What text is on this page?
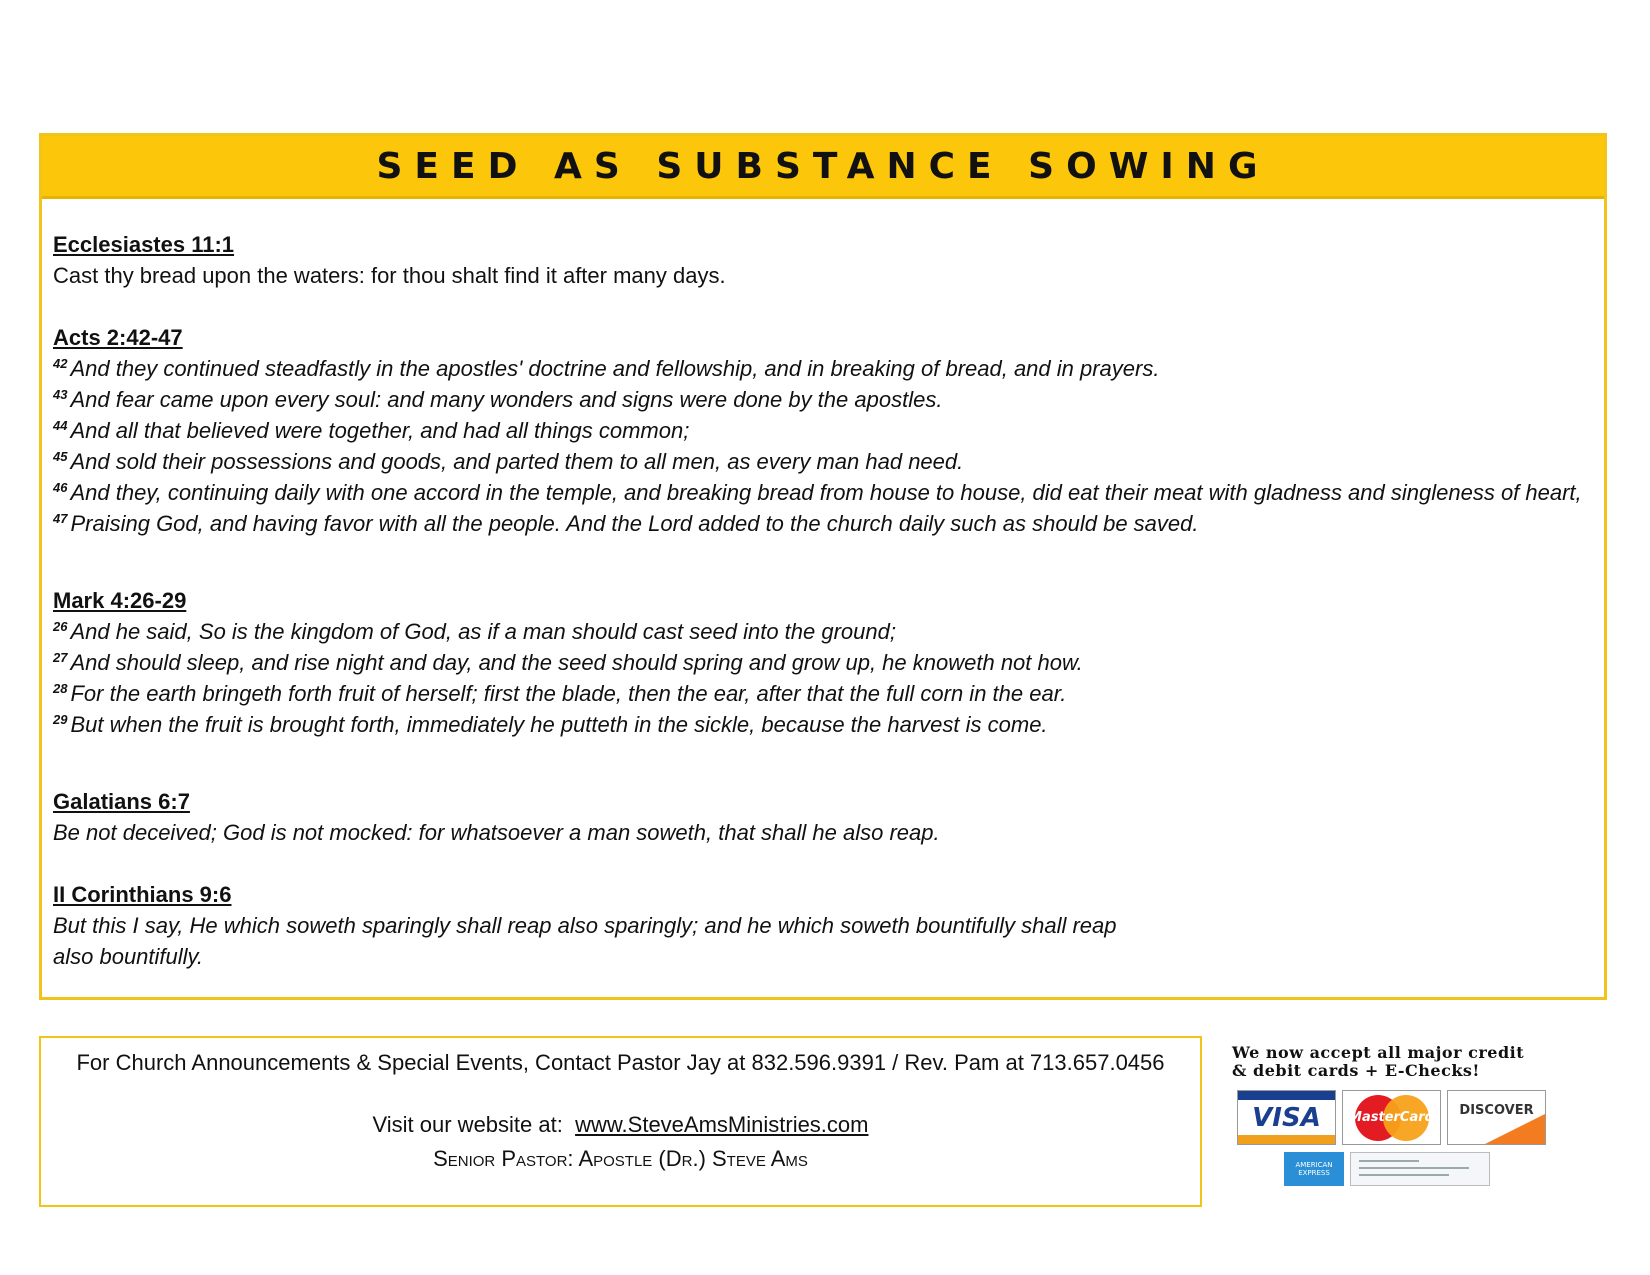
SEED AS SUBSTANCE SOWING
Ecclesiastes 11:1
Cast thy bread upon the waters: for thou shalt find it after many days.
Acts 2:42-47
$^{42}$ And they continued steadfastly in the apostles' doctrine and fellowship, and in breaking of bread, and in prayers.
$^{43}$ And fear came upon every soul: and many wonders and signs were done by the apostles.
$^{44}$ And all that believed were together, and had all things common;
$^{45}$ And sold their possessions and goods, and parted them to all men, as every man had need.
$^{46}$ And they, continuing daily with one accord in the temple, and breaking bread from house to house, did eat their meat with gladness and singleness of heart,
$^{47}$ Praising God, and having favor with all the people. And the Lord added to the church daily such as should be saved.
Mark 4:26-29
$^{26}$ And he said, So is the kingdom of God, as if a man should cast seed into the ground;
$^{27}$ And should sleep, and rise night and day, and the seed should spring and grow up, he knoweth not how.
$^{28}$ For the earth bringeth forth fruit of herself; first the blade, then the ear, after that the full corn in the ear.
$^{29}$ But when the fruit is brought forth, immediately he putteth in the sickle, because the harvest is come.
Galatians 6:7
Be not deceived; God is not mocked: for whatsoever a man soweth, that shall he also reap.
II Corinthians 9:6
But this I say, He which soweth sparingly shall reap also sparingly; and he which soweth bountifully shall reap
also bountifully.
For Church Announcements & Special Events, Contact Pastor Jay at 832.596.9391 / Rev. Pam at 713.657.0456
Visit our website at: www.SteveAmsMinistries.com
Senior Pastor: Apostle (Dr.) Steve Ams
We now accept all major credit
& debit cards + E-Checks!
VISA MasterCard DISCOVER
AMERICAN EXPRESS
